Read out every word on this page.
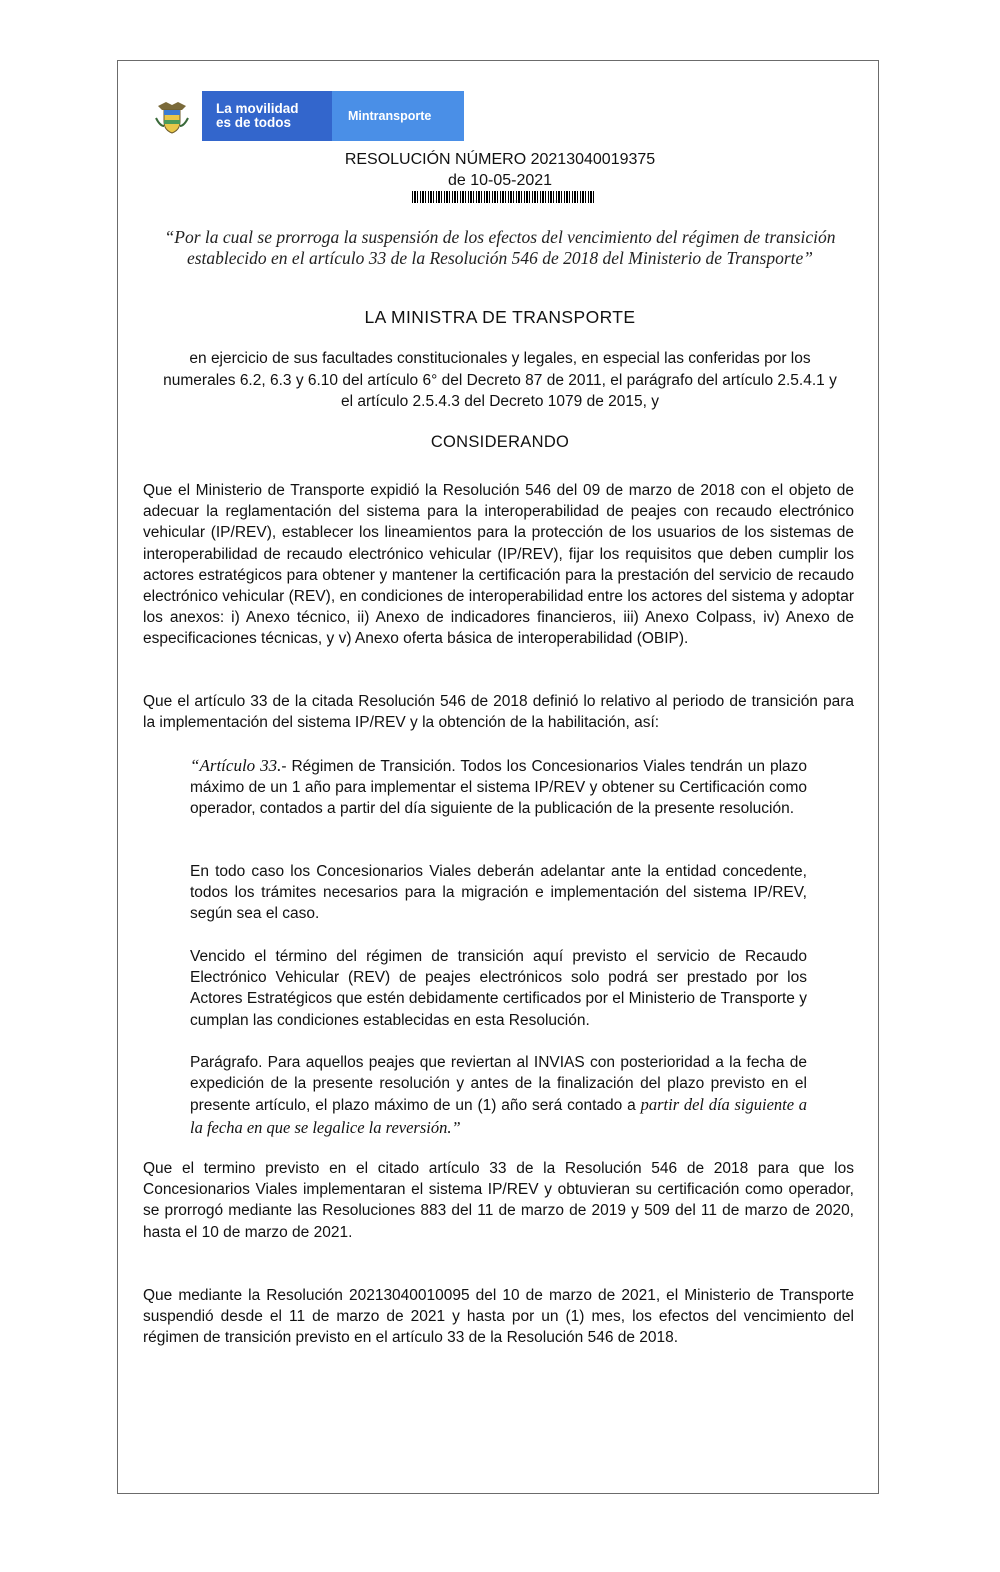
La movilidad
es de todos	Mintransporte
RESOLUCIÓN NÚMERO 20213040019375
de 10-05-2021
“Por la cual se prorroga la suspensión de los efectos del vencimiento del régimen de transición establecido en el artículo 33 de la Resolución 546 de 2018 del Ministerio de Transporte”
LA MINISTRA DE TRANSPORTE
en ejercicio de sus facultades constitucionales y legales, en especial las conferidas por los numerales 6.2, 6.3 y 6.10 del artículo 6° del Decreto 87 de 2011, el parágrafo del artículo 2.5.4.1 y el artículo 2.5.4.3 del Decreto 1079 de 2015, y
CONSIDERANDO
Que el Ministerio de Transporte expidió la Resolución 546 del 09 de marzo de 2018 con el objeto de adecuar la reglamentación del sistema para la interoperabilidad de peajes con recaudo electrónico vehicular (IP/REV), establecer los lineamientos para la protección de los usuarios de los sistemas de interoperabilidad de recaudo electrónico vehicular (IP/REV), fijar los requisitos que deben cumplir los actores estratégicos para obtener y mantener la certificación para la prestación del servicio de recaudo electrónico vehicular (REV), en condiciones de interoperabilidad entre los actores del sistema y adoptar los anexos: i) Anexo técnico, ii) Anexo de indicadores financieros, iii) Anexo Colpass, iv) Anexo de especificaciones técnicas, y v) Anexo oferta básica de interoperabilidad (OBIP).
Que el artículo 33 de la citada Resolución 546 de 2018 definió lo relativo al periodo de transición para la implementación del sistema IP/REV y la obtención de la habilitación, así:
“Artículo 33.- Régimen de Transición. Todos los Concesionarios Viales tendrán un plazo máximo de un 1 año para implementar el sistema IP/REV y obtener su Certificación como operador, contados a partir del día siguiente de la publicación de la presente resolución.
En todo caso los Concesionarios Viales deberán adelantar ante la entidad concedente, todos los trámites necesarios para la migración e implementación del sistema IP/REV, según sea el caso.
Vencido el término del régimen de transición aquí previsto el servicio de Recaudo Electrónico Vehicular (REV) de peajes electrónicos solo podrá ser prestado por los Actores Estratégicos que estén debidamente certificados por el Ministerio de Transporte y cumplan las condiciones establecidas en esta Resolución.
Parágrafo. Para aquellos peajes que reviertan al INVIAS con posterioridad a la fecha de expedición de la presente resolución y antes de la finalización del plazo previsto en el presente artículo, el plazo máximo de un (1) año será contado a partir del día siguiente a la fecha en que se legalice la reversión.”
Que el termino previsto en el citado artículo 33 de la Resolución 546 de 2018 para que los Concesionarios Viales implementaran el sistema IP/REV y obtuvieran su certificación como operador, se prorrogó mediante las Resoluciones 883 del 11 de marzo de 2019 y 509 del 11 de marzo de 2020, hasta el 10 de marzo de 2021.
Que mediante la Resolución 20213040010095 del 10 de marzo de 2021, el Ministerio de Transporte suspendió desde el 11 de marzo de 2021 y hasta por un (1) mes, los efectos del vencimiento del régimen de transición previsto en el artículo 33 de la Resolución 546 de 2018.
